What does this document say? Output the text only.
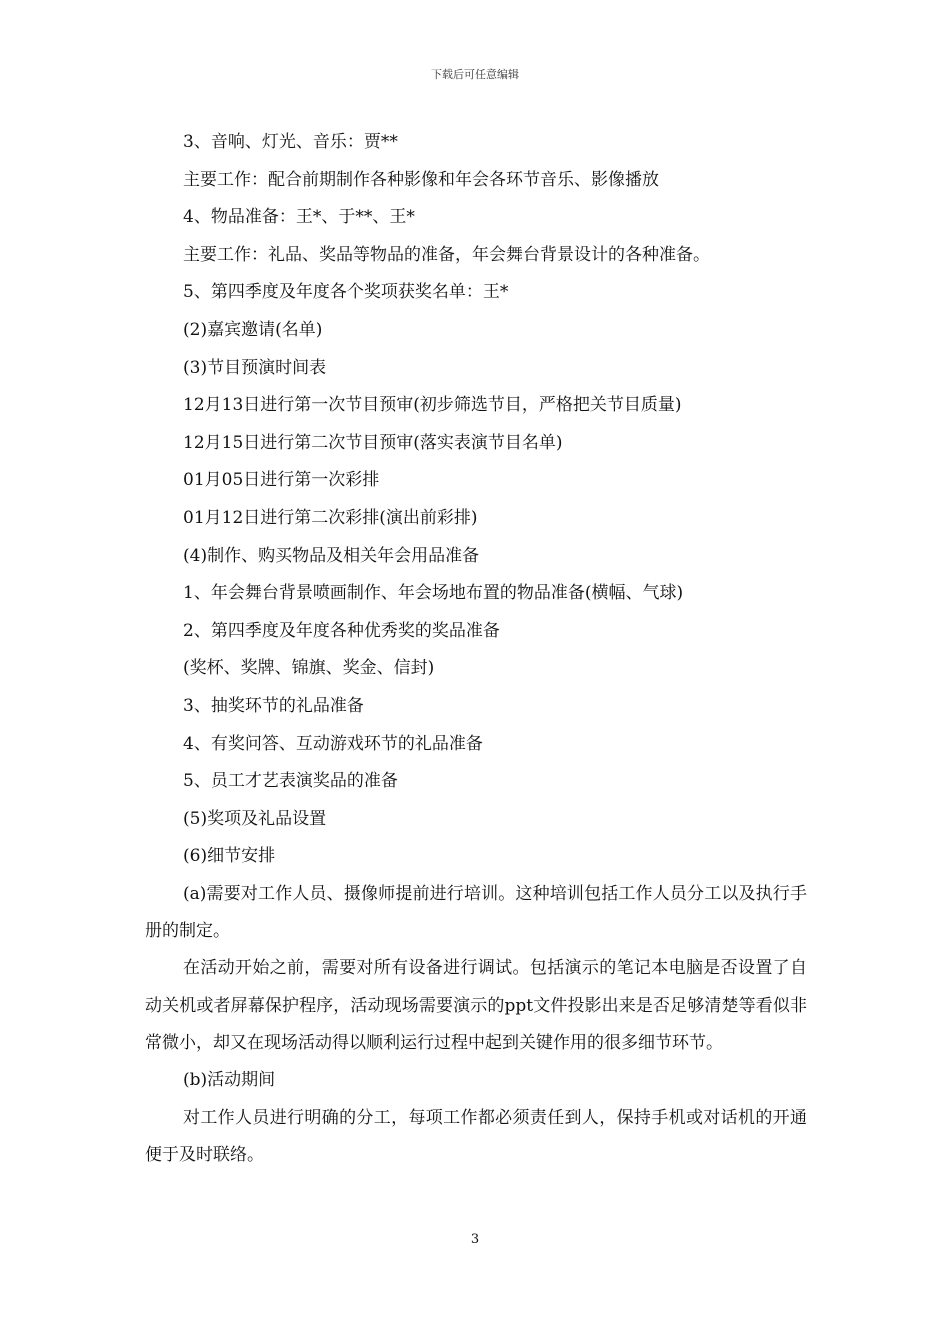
下载后可任意编辑
3、音响、灯光、音乐：贾**
主要工作：配合前期制作各种影像和年会各环节音乐、影像播放
4、物品准备：王*、于**、王*
主要工作：礼品、奖品等物品的准备，年会舞台背景设计的各种准备。
5、第四季度及年度各个奖项获奖名单：王*
(2)嘉宾邀请(名单)
(3)节目预演时间表
12月13日进行第一次节目预审(初步筛选节目，严格把关节目质量)
12月15日进行第二次节目预审(落实表演节目名单)
01月05日进行第一次彩排
01月12日进行第二次彩排(演出前彩排)
(4)制作、购买物品及相关年会用品准备
1、年会舞台背景喷画制作、年会场地布置的物品准备(横幅、气球)
2、第四季度及年度各种优秀奖的奖品准备
(奖杯、奖牌、锦旗、奖金、信封)
3、抽奖环节的礼品准备
4、有奖问答、互动游戏环节的礼品准备
5、员工才艺表演奖品的准备
(5)奖项及礼品设置
(6)细节安排

(a)需要对工作人员、摄像师提前进行培训。这种培训包括工作人员分工以及执行手册的制定。

在活动开始之前，需要对所有设备进行调试。包括演示的笔记本电脑是否设置了自动关机或者屏幕保护程序，活动现场需要演示的ppt文件投影出来是否足够清楚等看似非常微小，却又在现场活动得以顺利运行过程中起到关键作用的很多细节环节。

(b)活动期间

对工作人员进行明确的分工，每项工作都必须责任到人，保持手机或对话机的开通便于及时联络。

3
